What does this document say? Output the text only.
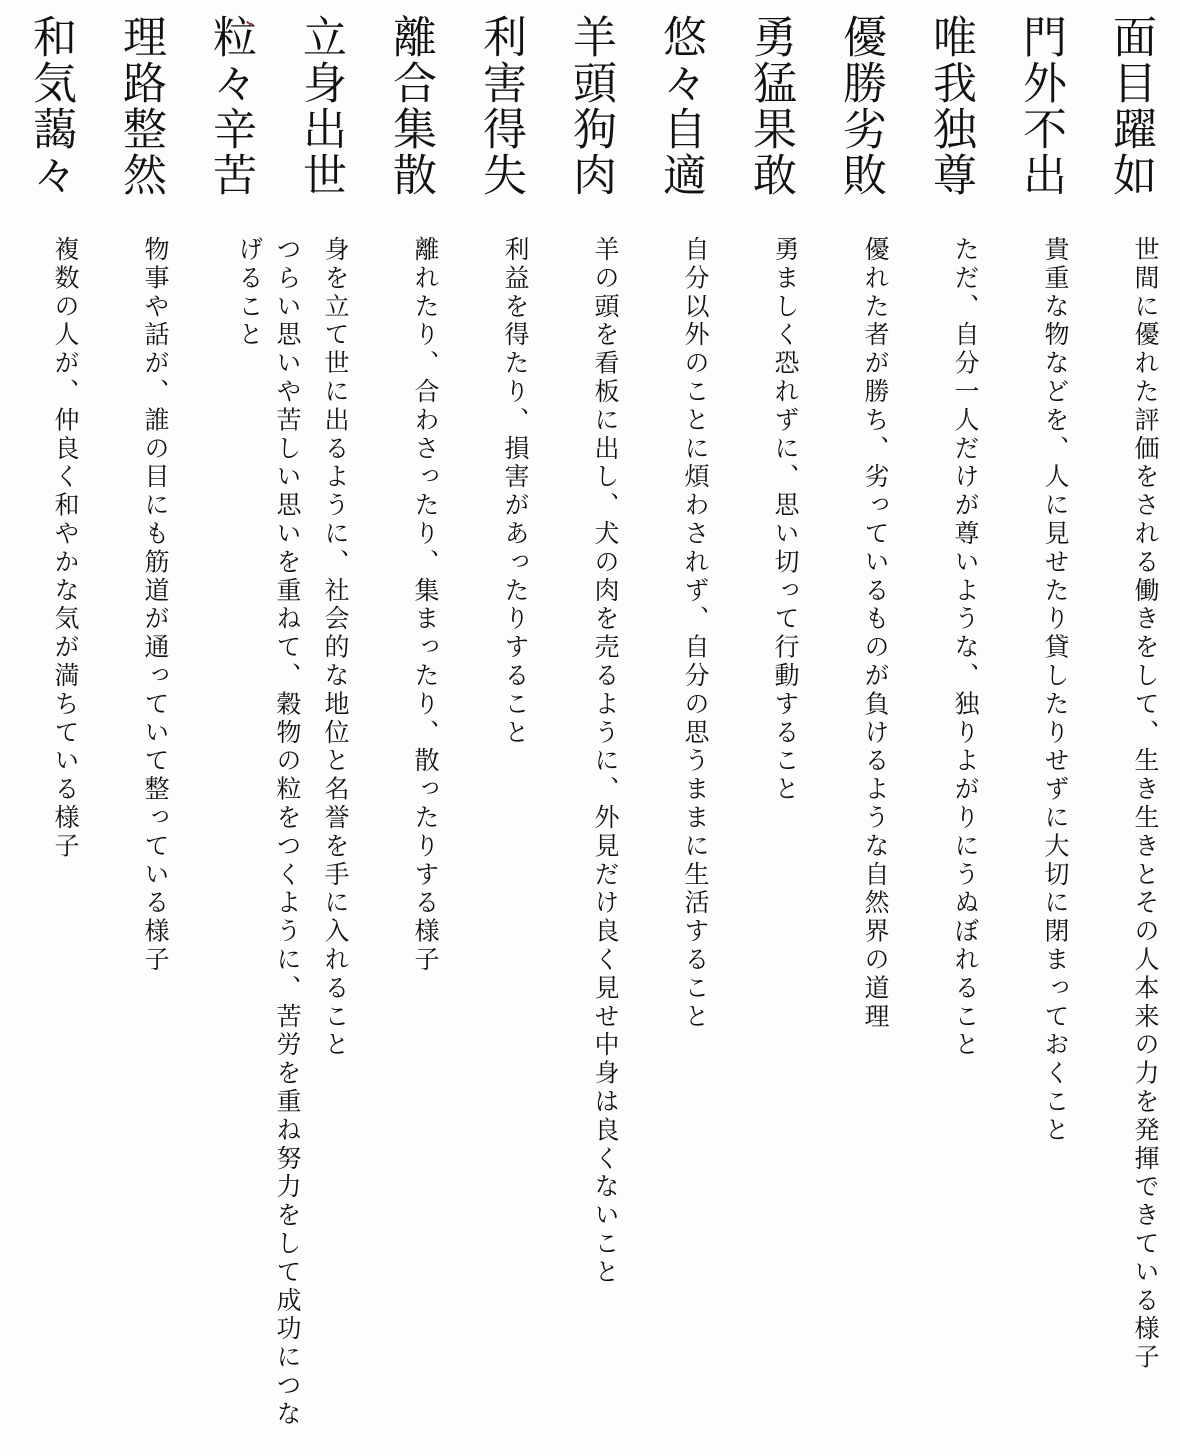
面目躍如
世間に優れた評価をされる働きをして、生き生きとその人本来の力を発揮できている様子
門外不出
貴重な物などを、人に見せたり貸したりせずに大切に閉まっておくこと
唯我独尊
ただ、自分一人だけが尊いような、独りよがりにうぬぼれること
優勝劣敗
優れた者が勝ち、劣っているものが負けるような自然界の道理
勇猛果敢
勇ましく恐れずに、思い切って行動すること
悠々自適
自分以外のことに煩わされず、自分の思うままに生活すること
羊頭狗肉
羊の頭を看板に出し、犬の肉を売るように、外見だけ良く見せ中身は良くないこと
利害得失
利益を得たり、損害があったりすること
離合集散
離れたり、合わさったり、集まったり、散ったりする様子
立身出世
身を立て世に出るように、社会的な地位と名誉を手に入れること
粒々辛苦
つらい思いや苦しい思いを重ねて、穀物の粒をつくように、苦労を重ね努力をして成功につなげること
理路整然
物事や話が、誰の目にも筋道が通っていて整っている様子
和気藹々
複数の人が、仲良く和やかな気が満ちている様子
